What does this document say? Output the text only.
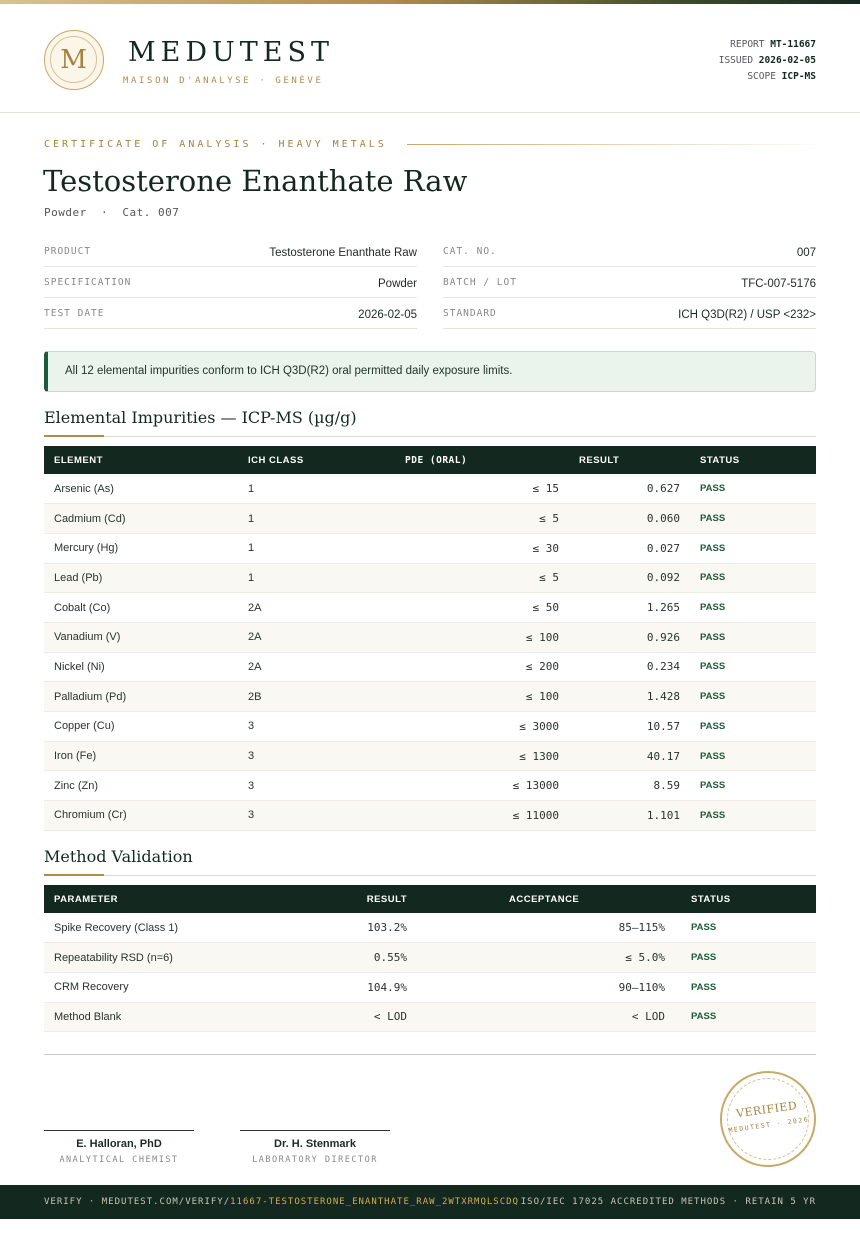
M	MEDUTEST
MAISON D'ANALYSE · GENÈVE
REPORT MT-11667
ISSUED 2026-02-05
SCOPE ICP-MS
CERTIFICATE OF ANALYSIS · HEAVY METALS
Testosterone Enanthate Raw
Powder  ·  Cat. 007
PRODUCT	Testosterone Enanthate Raw
SPECIFICATION	Powder
TEST DATE	2026-02-05
CAT. NO.	007
BATCH / LOT	TFC-007-5176
STANDARD	ICH Q3D(R2) / USP <232>
All 12 elemental impurities conform to ICH Q3D(R2) oral permitted daily exposure limits.
Elemental Impurities — ICP-MS (µg/g)
ELEMENT	ICH CLASS	PDE (ORAL)	RESULT	STATUS
Arsenic (As)	1	≤ 15	0.627	PASS
Cadmium (Cd)	1	≤ 5	0.060	PASS
Mercury (Hg)	1	≤ 30	0.027	PASS
Lead (Pb)	1	≤ 5	0.092	PASS
Cobalt (Co)	2A	≤ 50	1.265	PASS
Vanadium (V)	2A	≤ 100	0.926	PASS
Nickel (Ni)	2A	≤ 200	0.234	PASS
Palladium (Pd)	2B	≤ 100	1.428	PASS
Copper (Cu)	3	≤ 3000	10.57	PASS
Iron (Fe)	3	≤ 1300	40.17	PASS
Zinc (Zn)	3	≤ 13000	8.59	PASS
Chromium (Cr)	3	≤ 11000	1.101	PASS
Method Validation
PARAMETER	RESULT	ACCEPTANCE	STATUS
Spike Recovery (Class 1)	103.2%	85–115%	PASS
Repeatability RSD (n=6)	0.55%	≤ 5.0%	PASS
CRM Recovery	104.9%	90–110%	PASS
Method Blank	< LOD	< LOD	PASS
E. Halloran, PhD
ANALYTICAL CHEMIST
Dr. H. Stenmark
LABORATORY DIRECTOR
VERIFIED
MEDUTEST · 2026
VERIFY · MEDUTEST.COM/VERIFY/11667-TESTOSTERONE_ENANTHATE_RAW_2WTXRMQLSCDQ ISO/IEC 17025 ACCREDITED METHODS · RETAIN 5 YR
